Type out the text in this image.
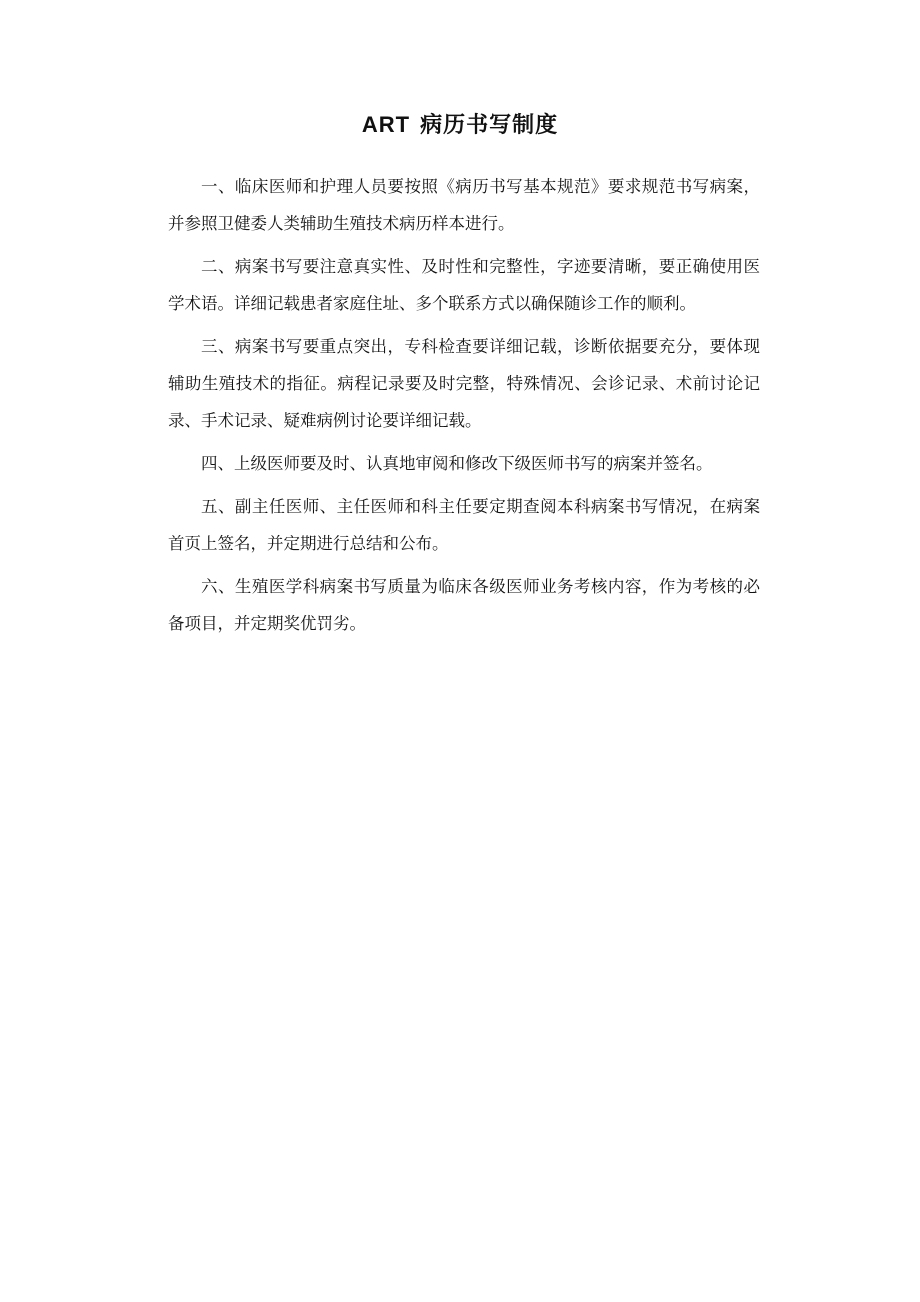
ART 病历书写制度

一、临床医师和护理人员要按照《病历书写基本规范》要求规范书写病案，并参照卫健委人类辅助生殖技术病历样本进行。

二、病案书写要注意真实性、及时性和完整性，字迹要清晰，要正确使用医 学术语。详细记载患者家庭住址、多个联系方式以确保随诊工作的顺利。

三、病案书写要重点突出，专科检查要详细记载，诊断依据要充分，要体现 辅助生殖技术的指征。病程记录要及时完整，特殊情况、会诊记录、术前讨论记 录、手术记录、疑难病例讨论要详细记载。

四、上级医师要及时、认真地审阅和修改下级医师书写的病案并签名。

五、副主任医师、主任医师和科主任要定期查阅本科病案书写情况，在病案 首页上签名，并定期进行总结和公布。

六、生殖医学科病案书写质量为临床各级医师业务考核内容，作为考核的必 备项目，并定期奖优罚劣。
